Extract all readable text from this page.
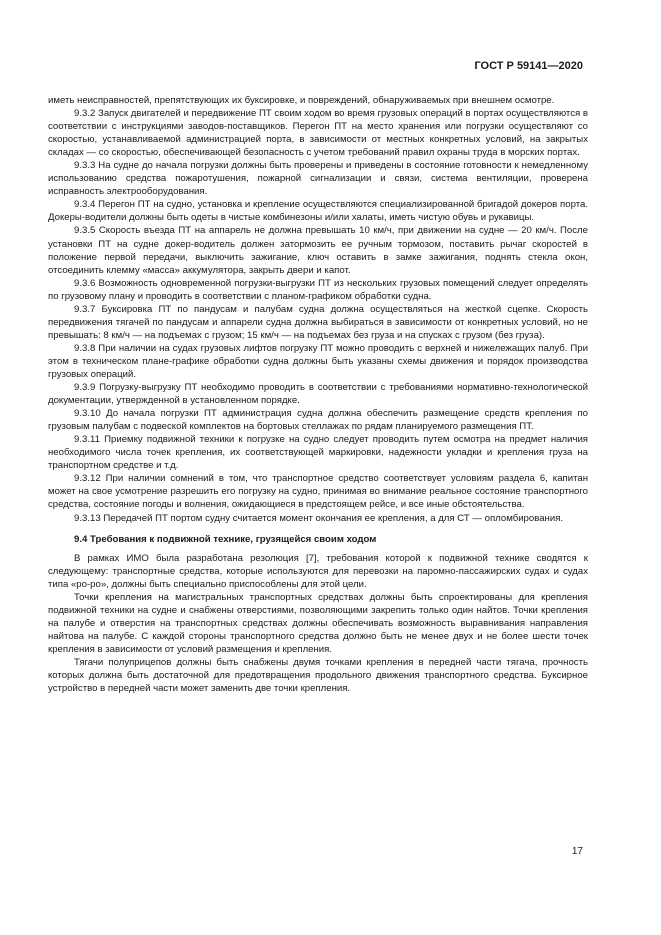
ГОСТ Р 59141—2020

иметь неисправностей, препятствующих их буксировке, и повреждений, обнаруживаемых при внешнем осмотре.

9.3.2 Запуск двигателей и передвижение ПТ своим ходом во время грузовых операций в портах осуществляются в соответствии с инструкциями заводов-поставщиков. Перегон ПТ на место хранения или погрузки осуществляют со скоростью, устанавливаемой администрацией порта, в зависимости от местных конкретных условий, на закрытых складах — со скоростью, обеспечивающей безопасность с учетом требований правил охраны труда в морских портах.

9.3.3 На судне до начала погрузки должны быть проверены и приведены в состояние готовности к немедленному использованию средства пожаротушения, пожарной сигнализации и связи, система вентиляции, проверена исправность электрооборудования.

9.3.4 Перегон ПТ на судно, установка и крепление осуществляются специализированной бригадой докеров порта. Докеры-водители должны быть одеты в чистые комбинезоны и/или халаты, иметь чистую обувь и рукавицы.

9.3.5 Скорость въезда ПТ на аппарель не должна превышать 10 км/ч, при движении на судне — 20 км/ч. После установки ПТ на судне докер-водитель должен затормозить ее ручным тормозом, поставить рычаг скоростей в положение первой передачи, выключить зажигание, ключ оставить в замке зажигания, поднять стекла окон, отсоединить клемму «масса» аккумулятора, закрыть двери и капот.

9.3.6 Возможность одновременной погрузки-выгрузки ПТ из нескольких грузовых помещений следует определять по грузовому плану и проводить в соответствии с планом-графиком обработки судна.

9.3.7 Буксировка ПТ по пандусам и палубам судна должна осуществляться на жесткой сцепке. Скорость передвижения тягачей по пандусам и аппарели судна должна выбираться в зависимости от конкретных условий, но не превышать: 8 км/ч — на подъемах с грузом; 15 км/ч — на подъемах без груза и на спусках с грузом (без груза).

9.3.8 При наличии на судах грузовых лифтов погрузку ПТ можно проводить с верхней и нижележащих палуб. При этом в техническом плане-графике обработки судна должны быть указаны схемы движения и порядок производства грузовых операций.

9.3.9 Погрузку-выгрузку ПТ необходимо проводить в соответствии с требованиями нормативно-технологической документации, утвержденной в установленном порядке.

9.3.10 До начала погрузки ПТ администрация судна должна обеспечить размещение средств крепления по грузовым палубам с подвеской комплектов на бортовых стеллажах по рядам планируемого размещения ПТ.

9.3.11 Приемку подвижной техники к погрузке на судно следует проводить путем осмотра на предмет наличия необходимого числа точек крепления, их соответствующей маркировки, надежности укладки и крепления груза на транспортном средстве и т.д.

9.3.12 При наличии сомнений в том, что транспортное средство соответствует условиям раздела 6, капитан может на свое усмотрение разрешить его погрузку на судно, принимая во внимание реальное состояние транспортного средства, состояние погоды и волнения, ожидающиеся в предстоящем рейсе, и все иные обстоятельства.

9.3.13 Передачей ПТ портом судну считается момент окончания ее крепления, а для СТ — опломбирования.

9.4 Требования к подвижной технике, грузящейся своим ходом

В рамках ИМО была разработана резолюция [7], требования которой к подвижной технике сводятся к следующему: транспортные средства, которые используются для перевозки на паромно-пассажирских судах и судах типа «ро-ро», должны быть специально приспособлены для этой цели.

Точки крепления на магистральных транспортных средствах должны быть спроектированы для крепления подвижной техники на судне и снабжены отверстиями, позволяющими закрепить только один найтов. Точки крепления на палубе и отверстия на транспортных средствах должны обеспечивать возможность выравнивания направления найтова на палубе. С каждой стороны транспортного средства должно быть не менее двух и не более шести точек крепления в зависимости от условий размещения и крепления.

Тягачи полуприцепов должны быть снабжены двумя точками крепления в передней части тягача, прочность которых должна быть достаточной для предотвращения продольного движения транспортного средства. Буксирное устройство в передней части может заменить две точки крепления.

17
